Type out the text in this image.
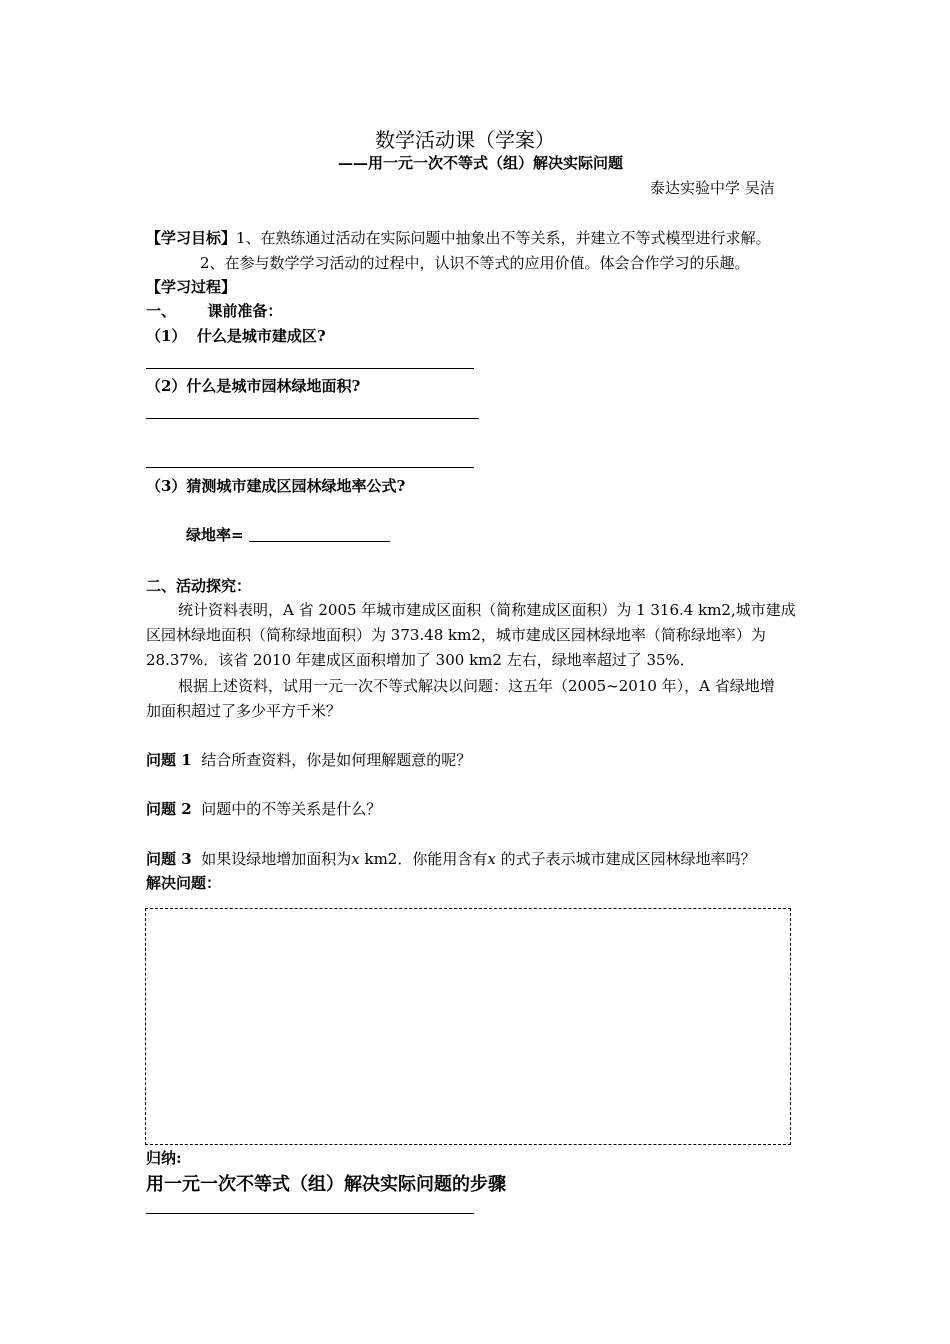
数学活动课（学案）
——用一元一次不等式（组）解决实际问题
泰达实验中学 吴洁
【学习目标】1、在熟练通过活动在实际问题中抽象出不等关系，并建立不等式模型进行求解。
2、在参与数学学习活动的过程中，认识不等式的应用价值。体会合作学习的乐趣。
【学习过程】
一、      课前准备：
（1）  什么是城市建成区?
（2）什么是城市园林绿地面积?
（3）猜测城市建成区园林绿地率公式?
绿地率=
二、活动探究：
统计资料表明，A 省 2005 年城市建成区面积（简称建成区面积）为 1 316.4 km2,城市建成
区园林绿地面积（简称绿地面积）为 373.48 km2，城市建成区园林绿地率（简称绿地率）为
28.37%．该省 2010 年建成区面积增加了 300 km2 左右，绿地率超过了 35%．
根据上述资料，试用一元一次不等式解决以问题：这五年（2005~2010 年），A 省绿地增
加面积超过了多少平方千米？
问题 1 结合所查资料，你是如何理解题意的呢？
问题 2 问题中的不等关系是什么？
问题 3 如果设绿地增加面积为x km2．你能用含有x 的式子表示城市建成区园林绿地率吗？
解决问题：
归纳:
用一元一次不等式（组）解决实际问题的步骤
